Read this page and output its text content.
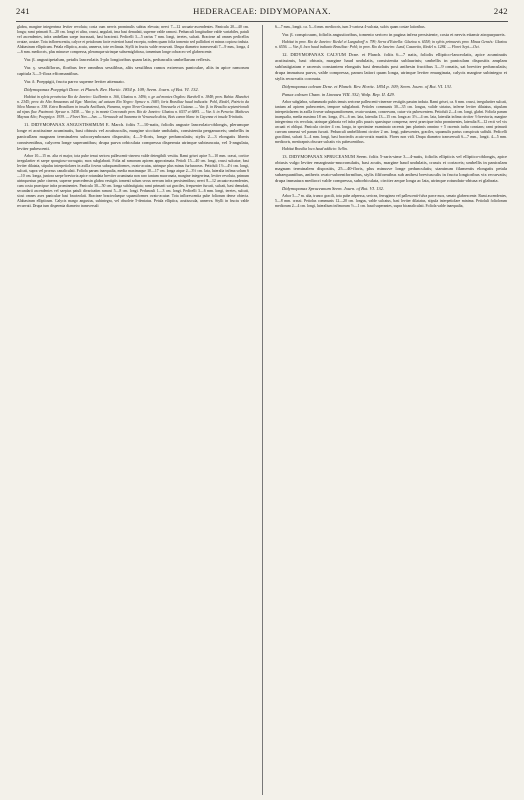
241	HEDERACEAE: DIDYMOPANAX.	242

glabra, margine integerrima leviter revoluta; costa cum nervis prominulis subtus elevata; nervi 7—12 arcuato-ascendentes. Panicula 20—40 cm. longa; rami primarii 8—20 cm. longi et ultra, crassi, angulati, ima basi denudati, superne valde ramosi. Pedunculi longitudine valde variabiles, patuli vel ascendentes, infra umbellam saepe incrassati, basi bracteati. Pedicelli 3—5 rarius 7 mm. longi, teretes, sulcati. Bracteae ad omnes pedicellos ovatae, acutae. Tota inflorescentia, calyce et petalorum facie exteriori haud excepta, rodem quam folia tomento sed pallidiori et minus copioso induta. Alabastrum ellipticum. Petala elliptica, acuta, unnerva, tote reclinata. Stylli in fructu valde recurvati. Drupa diametro transversali 7—9 mm., longa, 4—6 mm. mediocris, plus minusve compressa, pleramque utrinque subsemiglobosa, tomentum longe ochraceo vel glabrescente.

Var. β. angustipetalum, petalis lanceolatis 3-plo longioribus quam latis, pedunculis umbellarum reflexis.

Var. γ. sessiliflorus, floribus fere omnibus sessilibus, aliis sessilibus ramos extremos paniculae, aliis in apice ramorum capitula 3—5-flora efformantibus.

Var. δ. Poeppigii, fructu parvo superne leviter attenuato.

Didymopanax Poeppigii Dcne. et Planch. Rev. Hortic. 1854 p. 109; Seem. Journ. of Bot. VI. 132.

Habitat in sylvis provinciae Rio de Janeiro: Guillemin n. 166, Glaziou n. 1496; v. gr. ad montes Orgãos: Burchell n. 1848; prov. Bahia: Blanchet n. 2345; prov. do Alto Amazonas ad Ega: Martius; ad catuum Rio Negro: Spruce n. 1683; loris Brasiliae haud indicatis: Pohl, Riedel, Patricio da Silva Manso n. 338. Extra Brasiliam in insulis Antillanis, Panama, regno Novo-Granatensi, Venezuela et Guiana. — Var. β. in Brasilia septentrionali ad ripas fluv. Pacimoni: Spruce n. 3458. — Var. γ. in monte Corcovado prov. Rio de Janeiro: Glaziou n. 6537 et 6881. — Var. δ. in Peruvia: Mathews Maynas Alto; Poeppig n. 1939. — Floret Nov.—Jan. — Vernacule ad Savanna in Venezuela dicta, Bois canon blanc in Cayenna et insula Trinitatis.

11. DIDYMOPANAX ANGUSTISSIMUM E. March. foliis 7—10-natis, foliolis anguste lanceolato-oblongis, plerumque longe et acutissime acuminatis, basi obtusis vel acutiusculis, margine siccitate undulatis, consistentia pergamaceis; umbellis in panicullam magnam terminalem subcorymbosam dispositis; 4—5-floris, longe pedunculatis; stylis 2—3 elongatis liberis conniventibus, calycem longe superantibus; drupa parva orbiculata compressa dispermia utrinque subtruncata, vel 3-angulata, leviter pubescenti.

Arbor 10—15 m. alta et major, tota pube tenui sericea pallescenti-cinerea valde detergibili vestita. Rami grisei apice 5—10 mm. crassi, cortice irregulariter et saepe spongioso-corrugato, mox subglabrati. Folia ad ramorum apicem approximata. Petioli 15—40 cm. longi, crassi sulcatae, basi leviter dilatata, stipulas interpetiolares in axilla foveas subsquamiformes, ovato-acutas, utrinque plus minus furfuraceas. Petioluli 1½—4½ cm. longi, sulcati, supra vel prorsus canaliculati. Foliola parum inaequalia, media maximaque 10—17 cm. longa atque 2—3½ cm. lata, lateralia infima solum 6—10 cm. longa, juniora saepe brevioria apice rotundata breviter acuminata non raro tantum mucronata, margine integerrima, leviter revoluta, primum utrinquestun pube cinerea, superne praecedensin glabra vestigiis tomenti solum secus nervum infra persistentibus; nervi 8—12 arcuato-ascendentes, cum costa praecipue infra prominentes. Panicula 30—50 cm. longa subfastigiata; rami primarii sat graciles, frequenter furcati, sulcati, basi denudati, secundarii ascendentes vel saepius patuli divaricatim ramosi 5—8 cm. longi. Pedunculi 1—3 cm. longi. Pedicelli 3—6 mm. longi, teretes, sulcati, sicut omnes axes paniculae basi bracteolati. Bracteae bracteolaeque squamiformes ovato-acutae. Tota inflorescentia pube foliorum dense obtecta. Alabastrum ellipticum. Calycis margo angustus, subintegra, vel obsolete 5-dentatus. Petala elliptica, acutiuscula, unnerva. Stylli in fructu valde recurvati. Drupa tum dispermia diametro transversali

6—7 mm., longit. ca. 5—6 mm. mediocris, tum 3-cariosa 4-sulcata, sulcis quam costae latioribus.

Var. β. conspicuum, foliolis angustioribus, tomento sericeo in pagina infera persistente, costa et nervis etiamir atropurpureis.

Habitat in prov. Rio de Janeiro: Riedel et Langsdorff n. 799; Serra d'Estrella: Glaziou n. 6558; in sylvis primaevis prov. Minas Geraës: Glaziou n. 6556. — Var. β. loco haud indicato Brasiliae: Pohl; in prov. Rio de Janeiro: Lund, Casaretto, Riedel n. 1284. — Floret Sept.—Oct.

12. DIDYMOPANAX CALVUM Dcne. et Planch. foliis 6—7 natis, foliolis elliptico-lanceolatis, apice acuminatis acutissimis, basi obtusis, margine haud undulatis, consistentia sublaurinis; umbellis in paniculam dispositis amplam subfastigiatam e racemis constantem elongatis basi denudatis post anthesin fructibus 3—9 ornatis, sat breviter pedunculatis; drupa immatura parva, valde compressa, parum latiori quam longa, utrinque leviter emarginata, calycis margine subintegro et stylis recurvatis coronata.

Didymopanax calvum Dcne. et Planch. Rev. Hortic. 1854 p. 109; Seem. Journ. of Bot. VI. 131.

Panax calvum Cham. in Linnaea VIII. 332; Walp. Rep. II. 429.

Arbor subglabra, solummodo pubis tenuis sericeae pallescenti-cinereae vestigiis passim induta. Rami grisei, ca. 6 mm. crassi, irregulariter sulcati, tantum ad apicem pubescentes, tempore subglabrati. Petioles communis 30—35 cm. longus, valide striatus, inferne leviter dilatatus, stipulam interpetiolarem in axilla foveae subsquamiformem, ovato-acutam, conservans, cutae vix pubescentem. Petioluli 2—4 cm. longi, glabri. Foliola parum inaequalia, media maxima 18 cm. longa, 4½—6 cm. lata, lateralia 13—15 cm. longa ac 3½—4 cm. lata, lateralia infima circiter ½ brevioria, margine integerrima vix revoluta, utrinque glabrata vel infra pilis paucis sparsisque conspersa; nervi praecipue infra prominentes, lateralia 8—12 recti vel vix arcuati et obliqui. Panicula circiter 4 cm. longa, in specimine examinato racemis jam plurimis omnino + 5 racemis iudiu constans; rami primarii curvum rameusi vel parum furcati. Pedunculi umbelliformi circiter 2 cm. longi, pubescentes, graciles, squamulis partus conspicuis suffulti. Pedicelli graciliimi, sulcati 3—4 mm. longi, basi bracteolis acuto-ovatis munitis. Flores non vidi. Drupa diametro transversali 6—7 mm., longit. 4—5 mm. mediocris, meritrapnis obscure sulcatis vix pubescentibus.

Habitat Brasilia loco haud addicto: Sellin.

13. DIDYMOPANAX SPRUCEANUM Seem. foliis 5-raris-sime 3—4-natis, foliolis ellipticis vel elliptico-oblongis, apice obtusis vulgo leviter emarginato-mucronulatis, basi acutis, margine haud undulatis, crassis et coriaceis; umbellis in paniculam magnam terminalem dispositis, 25—40-floris, plus minusve longe pedunculatis; staminum filamentis elongatis petala subaequantibus, antheris ovato-subreniformibus, stylis filiformibus sub anthesi breviusculis in fructu longioribus vix recurvatis; drupa immatura mediocri valde compressa, suborbiculata, circiter aeque longa ac lata, utrinque rotundato-obtusa et glabrata.

Didymopanax Spruceanum Seem. Journ. of Bot. VI. 132.

Arbor 5—7 m. alta, trunco gracili, tota pube adpressa, sericea, ferruginea vel pallescenti-fulva parce mox, senato glabrescente. Rami ascendentes, 5—8 mm. crassi. Petiolus communis 12—20 cm. longus, valde sulcatus, basi leviter dilatatus, stipula interpetiolare minima. Petioluli foliolorum mediorum 2—4 cm. longi, lateralium infimorum ½—1 cm. haud superantes, supra bicanaliculati. Foliola valde inaequalia,
